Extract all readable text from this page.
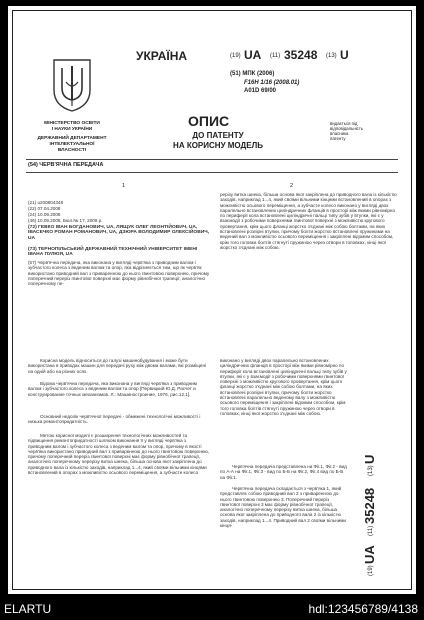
МІНІСТЕРСТВО ОСВІТИ
І НАУКИ УКРАЇНИ
ДЕРЖАВНИЙ ДЕПАРТАМЕНТ
ІНТЕЛЕКТУАЛЬНОЇ
ВЛАСНОСТІ
УКРАЇНА	(19) UA (11) 35248 (13) U
(51) МПК (2006)
F16H 1/16 (2008.01)
A01D 69/00
ОПИС
ДО ПАТЕНТУ
НА КОРИСНУ МОДЕЛЬ
видається під
відповідальність
власника
патенту
(54) ЧЕРВ'ЯЧНА ПЕРЕДАЧА
1	2
(21) u200804348
(22) 07.04.2008
(24) 10.09.2008
(46) 10.09.2008, Бюл.№ 17, 2008 р.
(72) ГЕВКО ІВАН БОГДАНОВИЧ, UA, ЛЯЩУК ОЛЕГ ЛЕОНТІЙОВИЧ, UA, ІВАСЕЧКО РОМАН РОМАНОВИЧ, UA, ДЗЮРА ВОЛОДИМИР ОЛЕКСІЙОВИЧ, UA
(73) ТЕРНОПІЛЬСЬКИЙ ДЕРЖАВНИЙ ТЕХНІЧНИЙ УНІВЕРСИТЕТ ІМЕНІ ІВАНА ПУЛЮЯ, UA
(57) Черв'ячна передача, яка виконана у вигляді черв'яка з приводним валом і зубчастого колеса з веденим валом та опор, яка відрізняється тим, що як черв'як використано приводний вал з приваренною до нього гвинтовою поверхнею, причому поперечний переріз гвинтової поверхні має форму рівнобічної трапеції, аналогічно поперечному пе-
рерізу витка шнека, більша основа якої закріплена до приводного вала із кількістю заходів, наприклад 1...4, який своїми вільними кінцями встановлений в опорах з можливістю осьового переміщення, а зубчасте колесо виконано у вигляді двох паралельно встановлених циліндричних фланців в просторі між якими рівномірно по периферії кола встановлені циліндричні пальці типу зубів у втулки, які є у взаємодії з робочими поверхнями гвинтової поверхні з можливістю кругового провертання, крім цього фланці жорстко з'єднані між собою болтами, на яких встановлені розпірні втулки, причому болти жорстко встановлені пружинами на ведений вал з можливістю осьового переміщення і закріплені відомим способом, крім того головка болтів стягнуті пружиною через отвори в головках, кінці якої жорстко з'єднані між собою.
Корисна модель відноситься до галузі машинобудування і може бути використана в приводах машин для передачі руху між двома валами, які розміщені на одній або на різних осях.
Відома черв'ячна передача, яка виконана у вигляді черв'яка з приводним валом і зубчастого колеса з веденим валом та опор [Первицкий Ю.Д. Расчет и конструирование точных механизмов. Л.: Машиностроение, 1976, рис.12.1].
Основний недолік черв'ячної передачі - обмежені технологічні можливості і низька ремонтопридатність.
Метою корисної моделі є розширення технологічних можливостей та підвищення ремонтопридатності шляхом виконання її у вигляді черв'яка з приводним валом і зубчастого колеса з веденим валом та опор, причому в якості черв'яка використано приводний вал з приваренною до нього гвинтовою поверхнею, причому поперечний переріз гвинтової поверхні має форму рівнобічної трапеції, аналогічно поперечному перерізу витка шнека, більша основа якої закріплена до приводного вала із кількістю заходів, наприклад 1...4, який своїми вільними кінцями встановлений в опорах з можливістю осьового переміщення, а зубчасте колесо
виконано у вигляді двох паралельно встановлених циліндричних фланців в просторі між якими рівномірно по периферії кола встановлені циліндричні пальці типу зубів у втулки, які є у взаємодії з робочими поверхнями гвинтової поверхні з можливістю кругового провертання, крім цього фланці жорстко з'єднані між собою болтами, на яких встановлені розпірні втулки, причому болти жорстко встановлені паралельно веденому валу з можливістю осьового переміщення і закріплені відомим способом, крім того головка болтів стягнуті пружиною через отвори в головках, кінці якої жорстко з'єднані між собою.
Черв'ячна передача представлена на Фіг.1, Фіг.2 - вид по А-А на Фіг.1, Фіг.3 - вид по Б-Б на Фіг.2, Фіг.4 вид по Б-Б на Фіг.1.
Черв'ячна передача складається з черв'яка 1, який представляє собою приводний вал 2 з приваренною до нього гвинтовою поверхнею 3. Поперечний переріз гвинтової поверхні 3 має форму рівнобічної трапеції, аналогічно поперечному перерізу витка шнека, більша основа якої закріплена до приводного вала 2 із кількістю заходів, наприклад 1...4. Приводний вал 2 своїми вільними кінця-
(19)
UA
(11)
35248
(13)
U
ELARTU	hdl:123456789/4138
